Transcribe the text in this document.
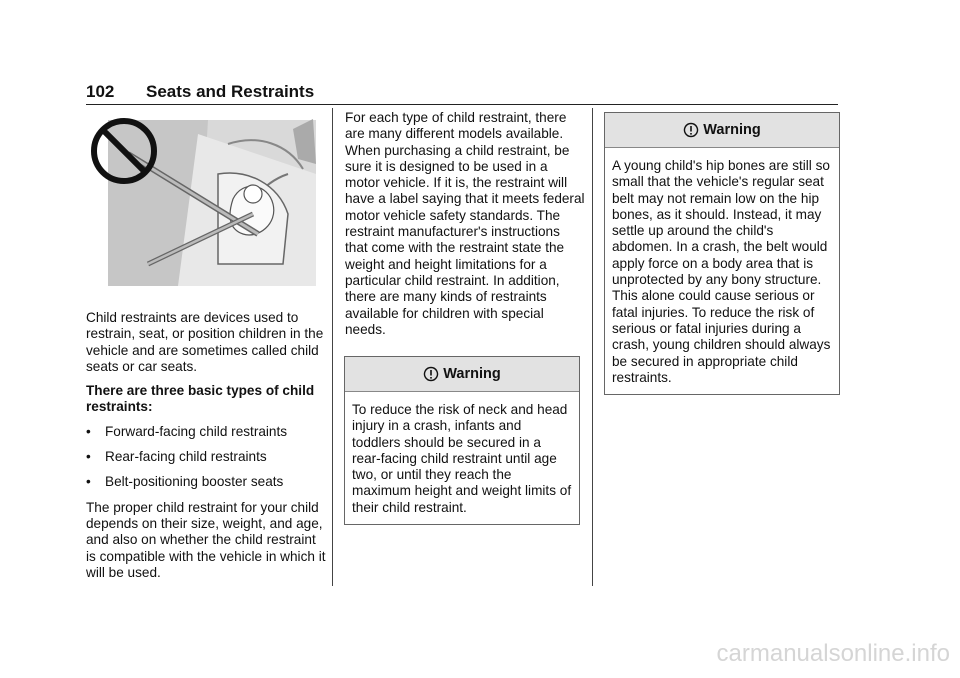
102 Seats and Restraints

Child restraints are devices used to restrain, seat, or position children in the vehicle and are sometimes called child seats or car seats.

There are three basic types of child restraints:

•	Forward-facing child restraints
•	Rear-facing child restraints
•	Belt-positioning booster seats

The proper child restraint for your child depends on their size, weight, and age, and also on whether the child restraint is compatible with the vehicle in which it will be used.

For each type of child restraint, there are many different models available. When purchasing a child restraint, be sure it is designed to be used in a motor vehicle. If it is, the restraint will have a label saying that it meets federal motor vehicle safety standards. The restraint manufacturer's instructions that come with the restraint state the weight and height limitations for a particular child restraint. In addition, there are many kinds of restraints available for children with special needs.

Warning
To reduce the risk of neck and head injury in a crash, infants and toddlers should be secured in a rear-facing child restraint until age two, or until they reach the maximum height and weight limits of their child restraint.
Warning
A young child's hip bones are still so small that the vehicle's regular seat belt may not remain low on the hip bones, as it should. Instead, it may settle up around the child's abdomen. In a crash, the belt would apply force on a body area that is unprotected by any bony structure. This alone could cause serious or fatal injuries. To reduce the risk of serious or fatal injuries during a crash, young children should always be secured in appropriate child restraints.
carmanualsonline.info
